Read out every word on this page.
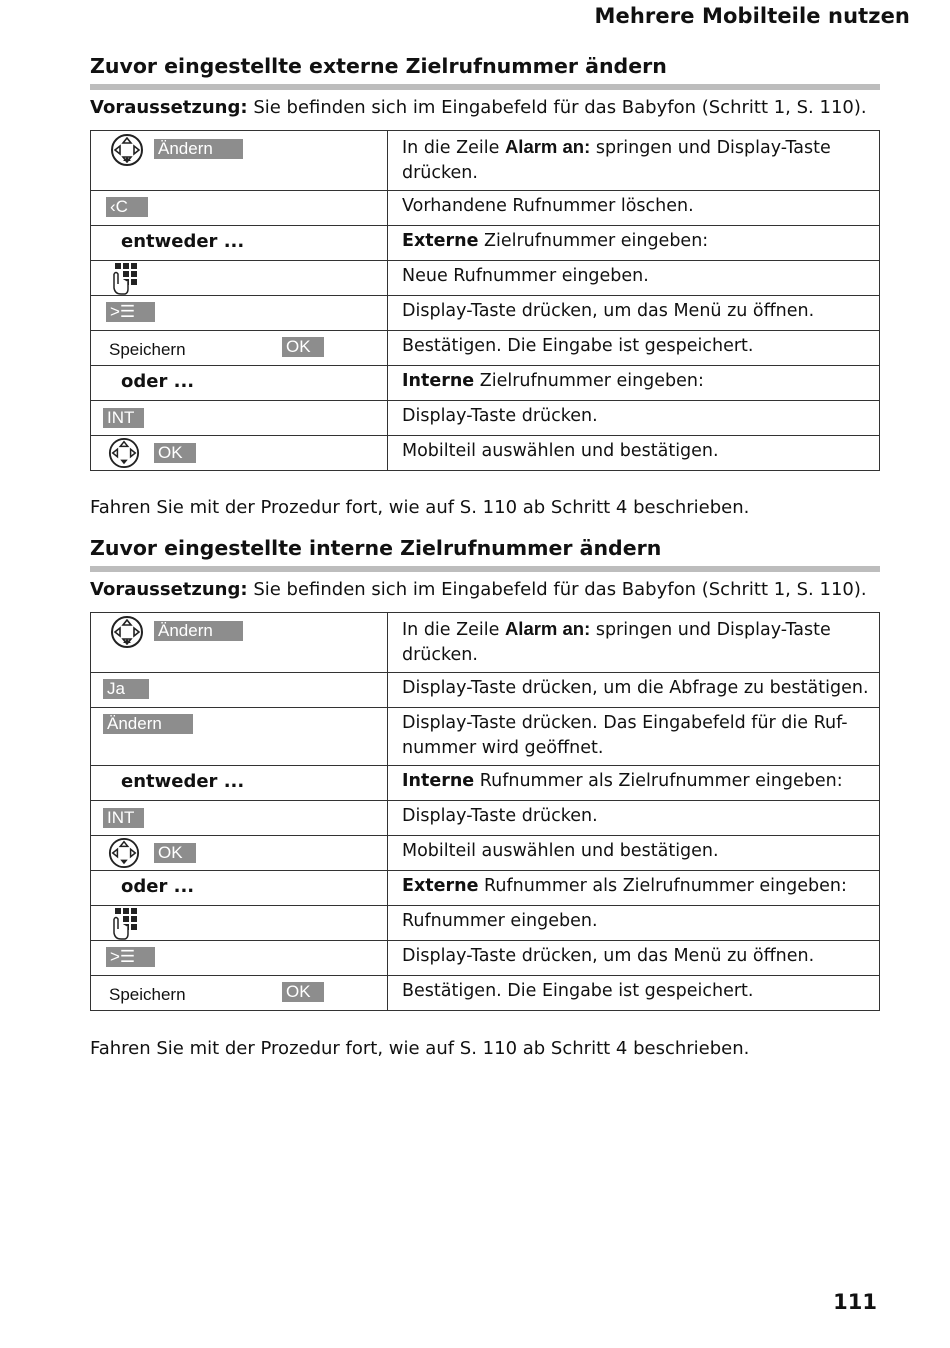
Mehrere Mobilteile nutzen
Zuvor eingestellte externe Zielrufnummer ändern
Voraussetzung: Sie befinden sich im Eingabefeld für das Babyfon (Schritt 1, S. 110).
Ändern	In die Zeile Alarm an: springen und Display-Taste drücken.

‹C	Vorhandene Rufnummer löschen.

entweder ...	Externe Zielrufnummer eingeben:

	Neue Rufnummer eingeben.

˃☰	Display-Taste drücken, um das Menü zu öffnen.

Speichern OK	Bestätigen. Die Eingabe ist gespeichert.

oder ...	Interne Zielrufnummer eingeben:

INT	Display-Taste drücken.

OK	Mobilteil auswählen und bestätigen.
Fahren Sie mit der Prozedur fort, wie auf S. 110 ab Schritt 4 beschrieben.
Zuvor eingestellte interne Zielrufnummer ändern
Voraussetzung: Sie befinden sich im Eingabefeld für das Babyfon (Schritt 1, S. 110).
Ändern	In die Zeile Alarm an: springen und Display-Taste drücken.

Ja	Display-Taste drücken, um die Abfrage zu bestätigen.

Ändern	Display-Taste drücken. Das Eingabefeld für die Ruf-nummer wird geöffnet.

entweder ...	Interne Rufnummer als Zielrufnummer eingeben:

INT	Display-Taste drücken.

OK	Mobilteil auswählen und bestätigen.

oder ...	Externe Rufnummer als Zielrufnummer eingeben:

	Rufnummer eingeben.

˃☰	Display-Taste drücken, um das Menü zu öffnen.

Speichern OK	Bestätigen. Die Eingabe ist gespeichert.
Fahren Sie mit der Prozedur fort, wie auf S. 110 ab Schritt 4 beschrieben.
111
